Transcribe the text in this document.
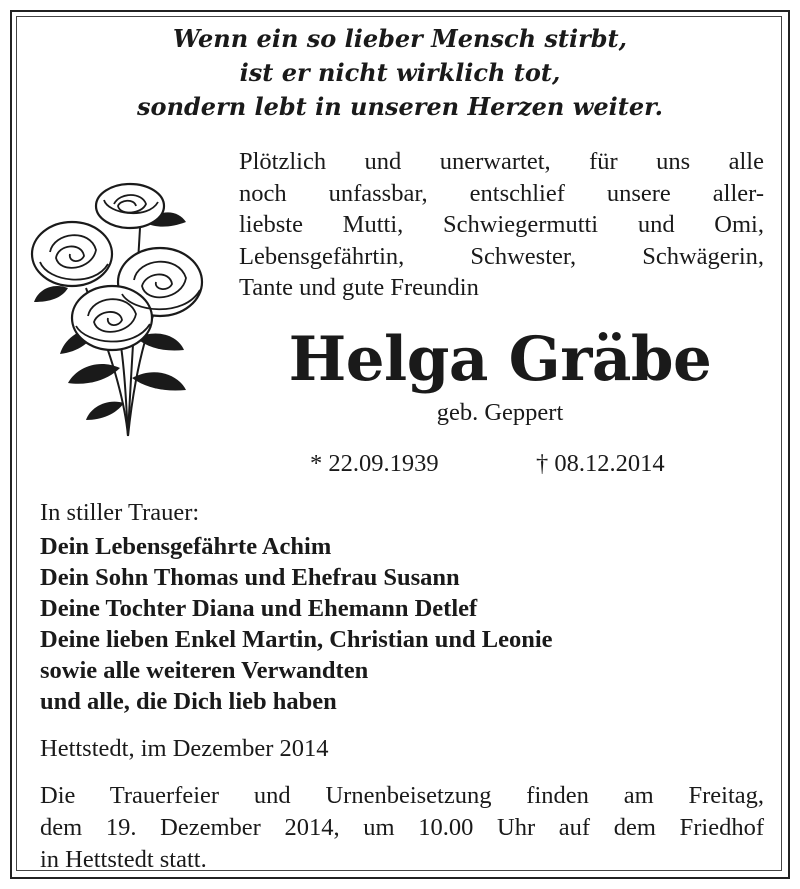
Wenn ein so lieber Mensch stirbt,
ist er nicht wirklich tot,
sondern lebt in unseren Herzen weiter.
Plötzlich und unerwartet, für uns alle
noch unfassbar, entschlief unsere aller-
liebste Mutti, Schwiegermutti und Omi,
Lebensgefährtin, Schwester, Schwägerin,
Tante und gute Freundin
Helga Gräbe
geb. Geppert
* 22.09.1939	† 08.12.2014
In stiller Trauer:
Dein Lebensgefährte Achim
Dein Sohn Thomas und Ehefrau Susann
Deine Tochter Diana und Ehemann Detlef
Deine lieben Enkel Martin, Christian und Leonie
sowie alle weiteren Verwandten
und alle, die Dich lieb haben
Hettstedt, im Dezember 2014
Die Trauerfeier und Urnenbeisetzung finden am Freitag,
dem 19. Dezember 2014, um 10.00 Uhr auf dem Friedhof
in Hettstedt statt.
